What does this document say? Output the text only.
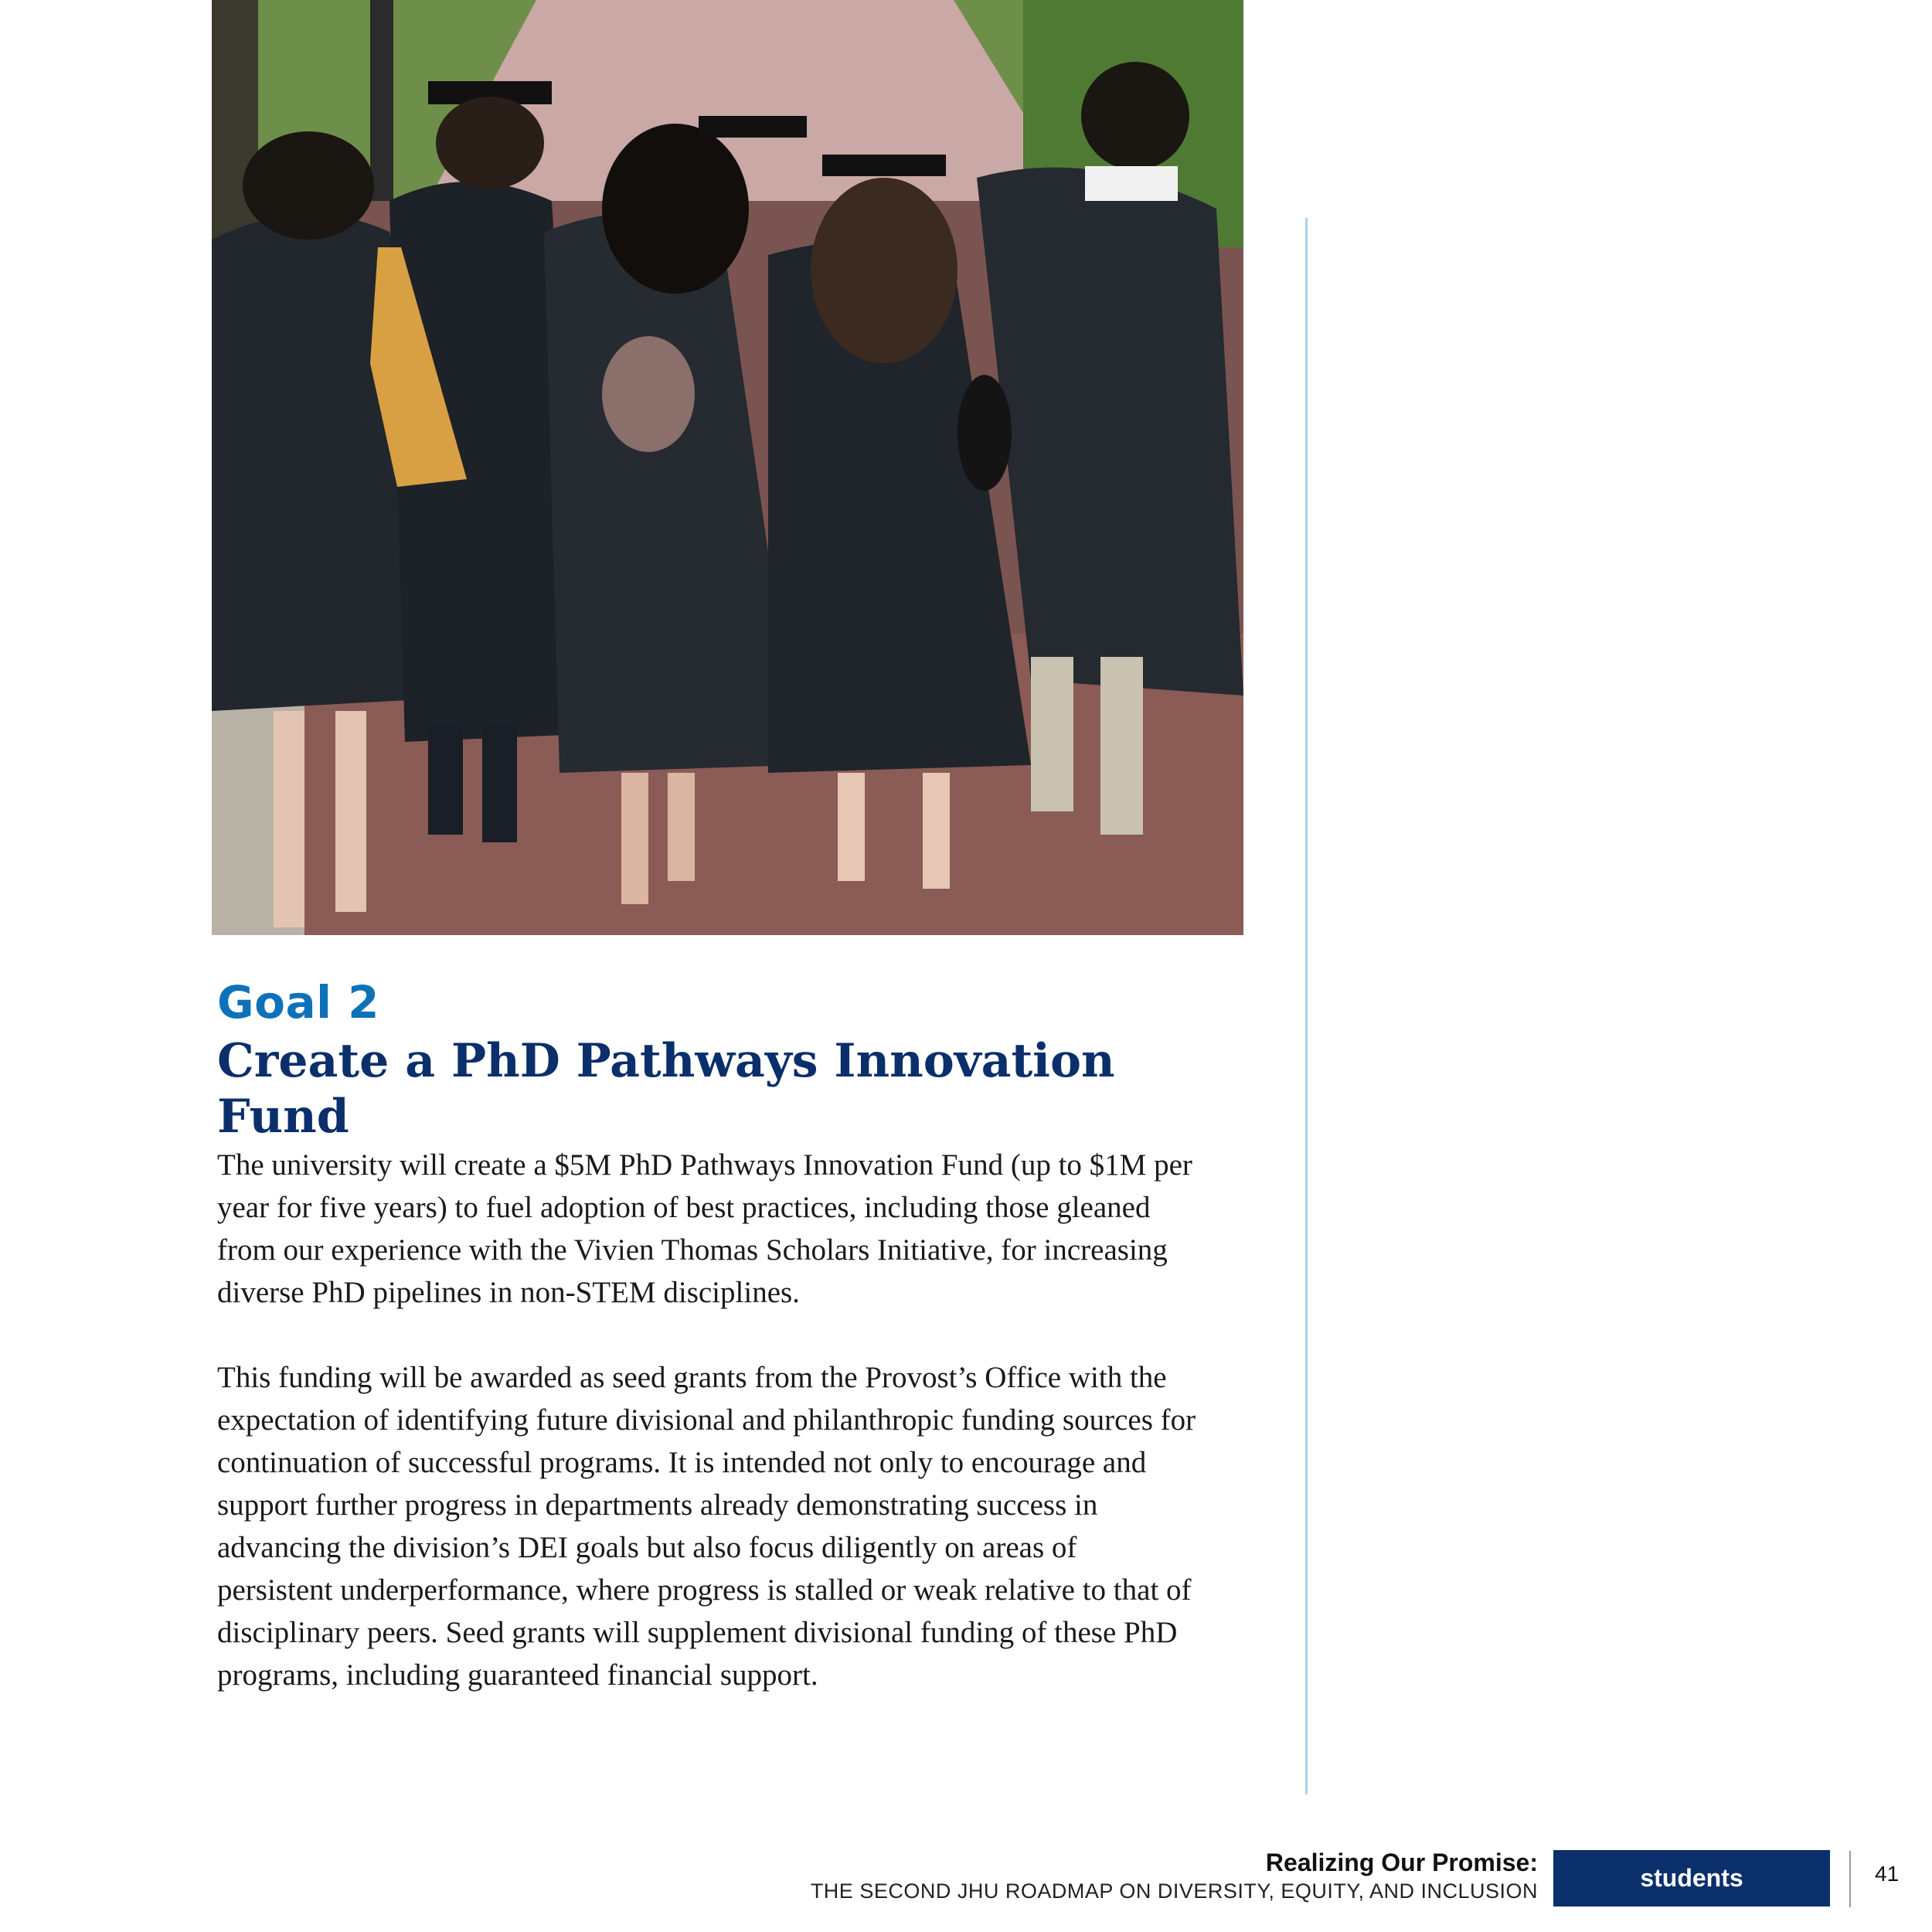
Goal 2
Create a PhD Pathways Innovation Fund

The university will create a $5M PhD Pathways Innovation Fund (up to $1M per year for five years) to fuel adoption of best practices, including those gleaned from our experience with the Vivien Thomas Scholars Initiative, for increasing diverse PhD pipelines in non-STEM disciplines.

This funding will be awarded as seed grants from the Provost’s Office with the expectation of identifying future divisional and philanthropic funding sources for continuation of successful programs. It is intended not only to encourage and support further progress in departments already demonstrating success in advancing the division’s DEI goals but also focus diligently on areas of persistent underperformance, where progress is stalled or weak relative to that of disciplinary peers. Seed grants will supplement divisional funding of these PhD programs, including guaranteed financial support.

Realizing Our Promise:
THE SECOND JHU ROADMAP ON DIVERSITY, EQUITY, AND INCLUSION	students	41
